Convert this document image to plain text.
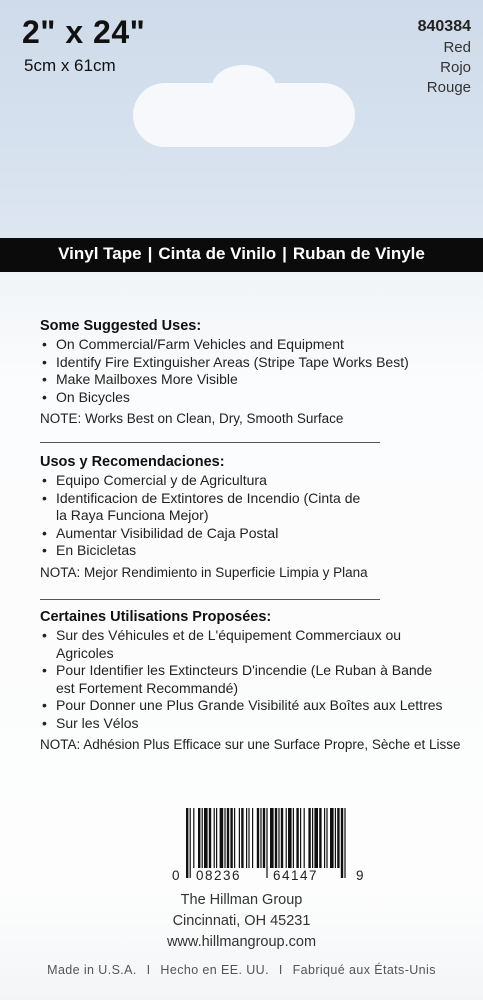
2" x 24"
5cm x 61cm
840384
Red
Rojo
Rouge
Vinyl Tape | Cinta de Vinilo | Ruban de Vinyle
Some Suggested Uses:
• On Commercial/Farm Vehicles and Equipment
• Identify Fire Extinguisher Areas (Stripe Tape Works Best)
• Make Mailboxes More Visible
• On Bicycles
NOTE: Works Best on Clean, Dry, Smooth Surface
Usos y Recomendaciones:
• Equipo Comercial y de Agricultura
• Identificacion de Extintores de Incendio (Cinta de la Raya Funciona Mejor)
• Aumentar Visibilidad de Caja Postal
• En Bicicletas
NOTA: Mejor Rendimiento in Superficie Limpia y Plana
Certaines Utilisations Proposées:
• Sur des Véhicules et de L'équipement Commerciaux ou Agricoles
• Pour Identifier les Extincteurs D'incendie (Le Ruban à Bande est Fortement Recommandé)
• Pour Donner une Plus Grande Visibilité aux Boîtes aux Lettres
• Sur les Vélos
NOTA: Adhésion Plus Efficace sur une Surface Propre, Sèche et Lisse
0 08236 64147	9
The Hillman Group
Cincinnati, OH 45231
www.hillmangroup.com
Made in U.S.A. I Hecho en EE. UU. I Fabriqué aux États-Unis
